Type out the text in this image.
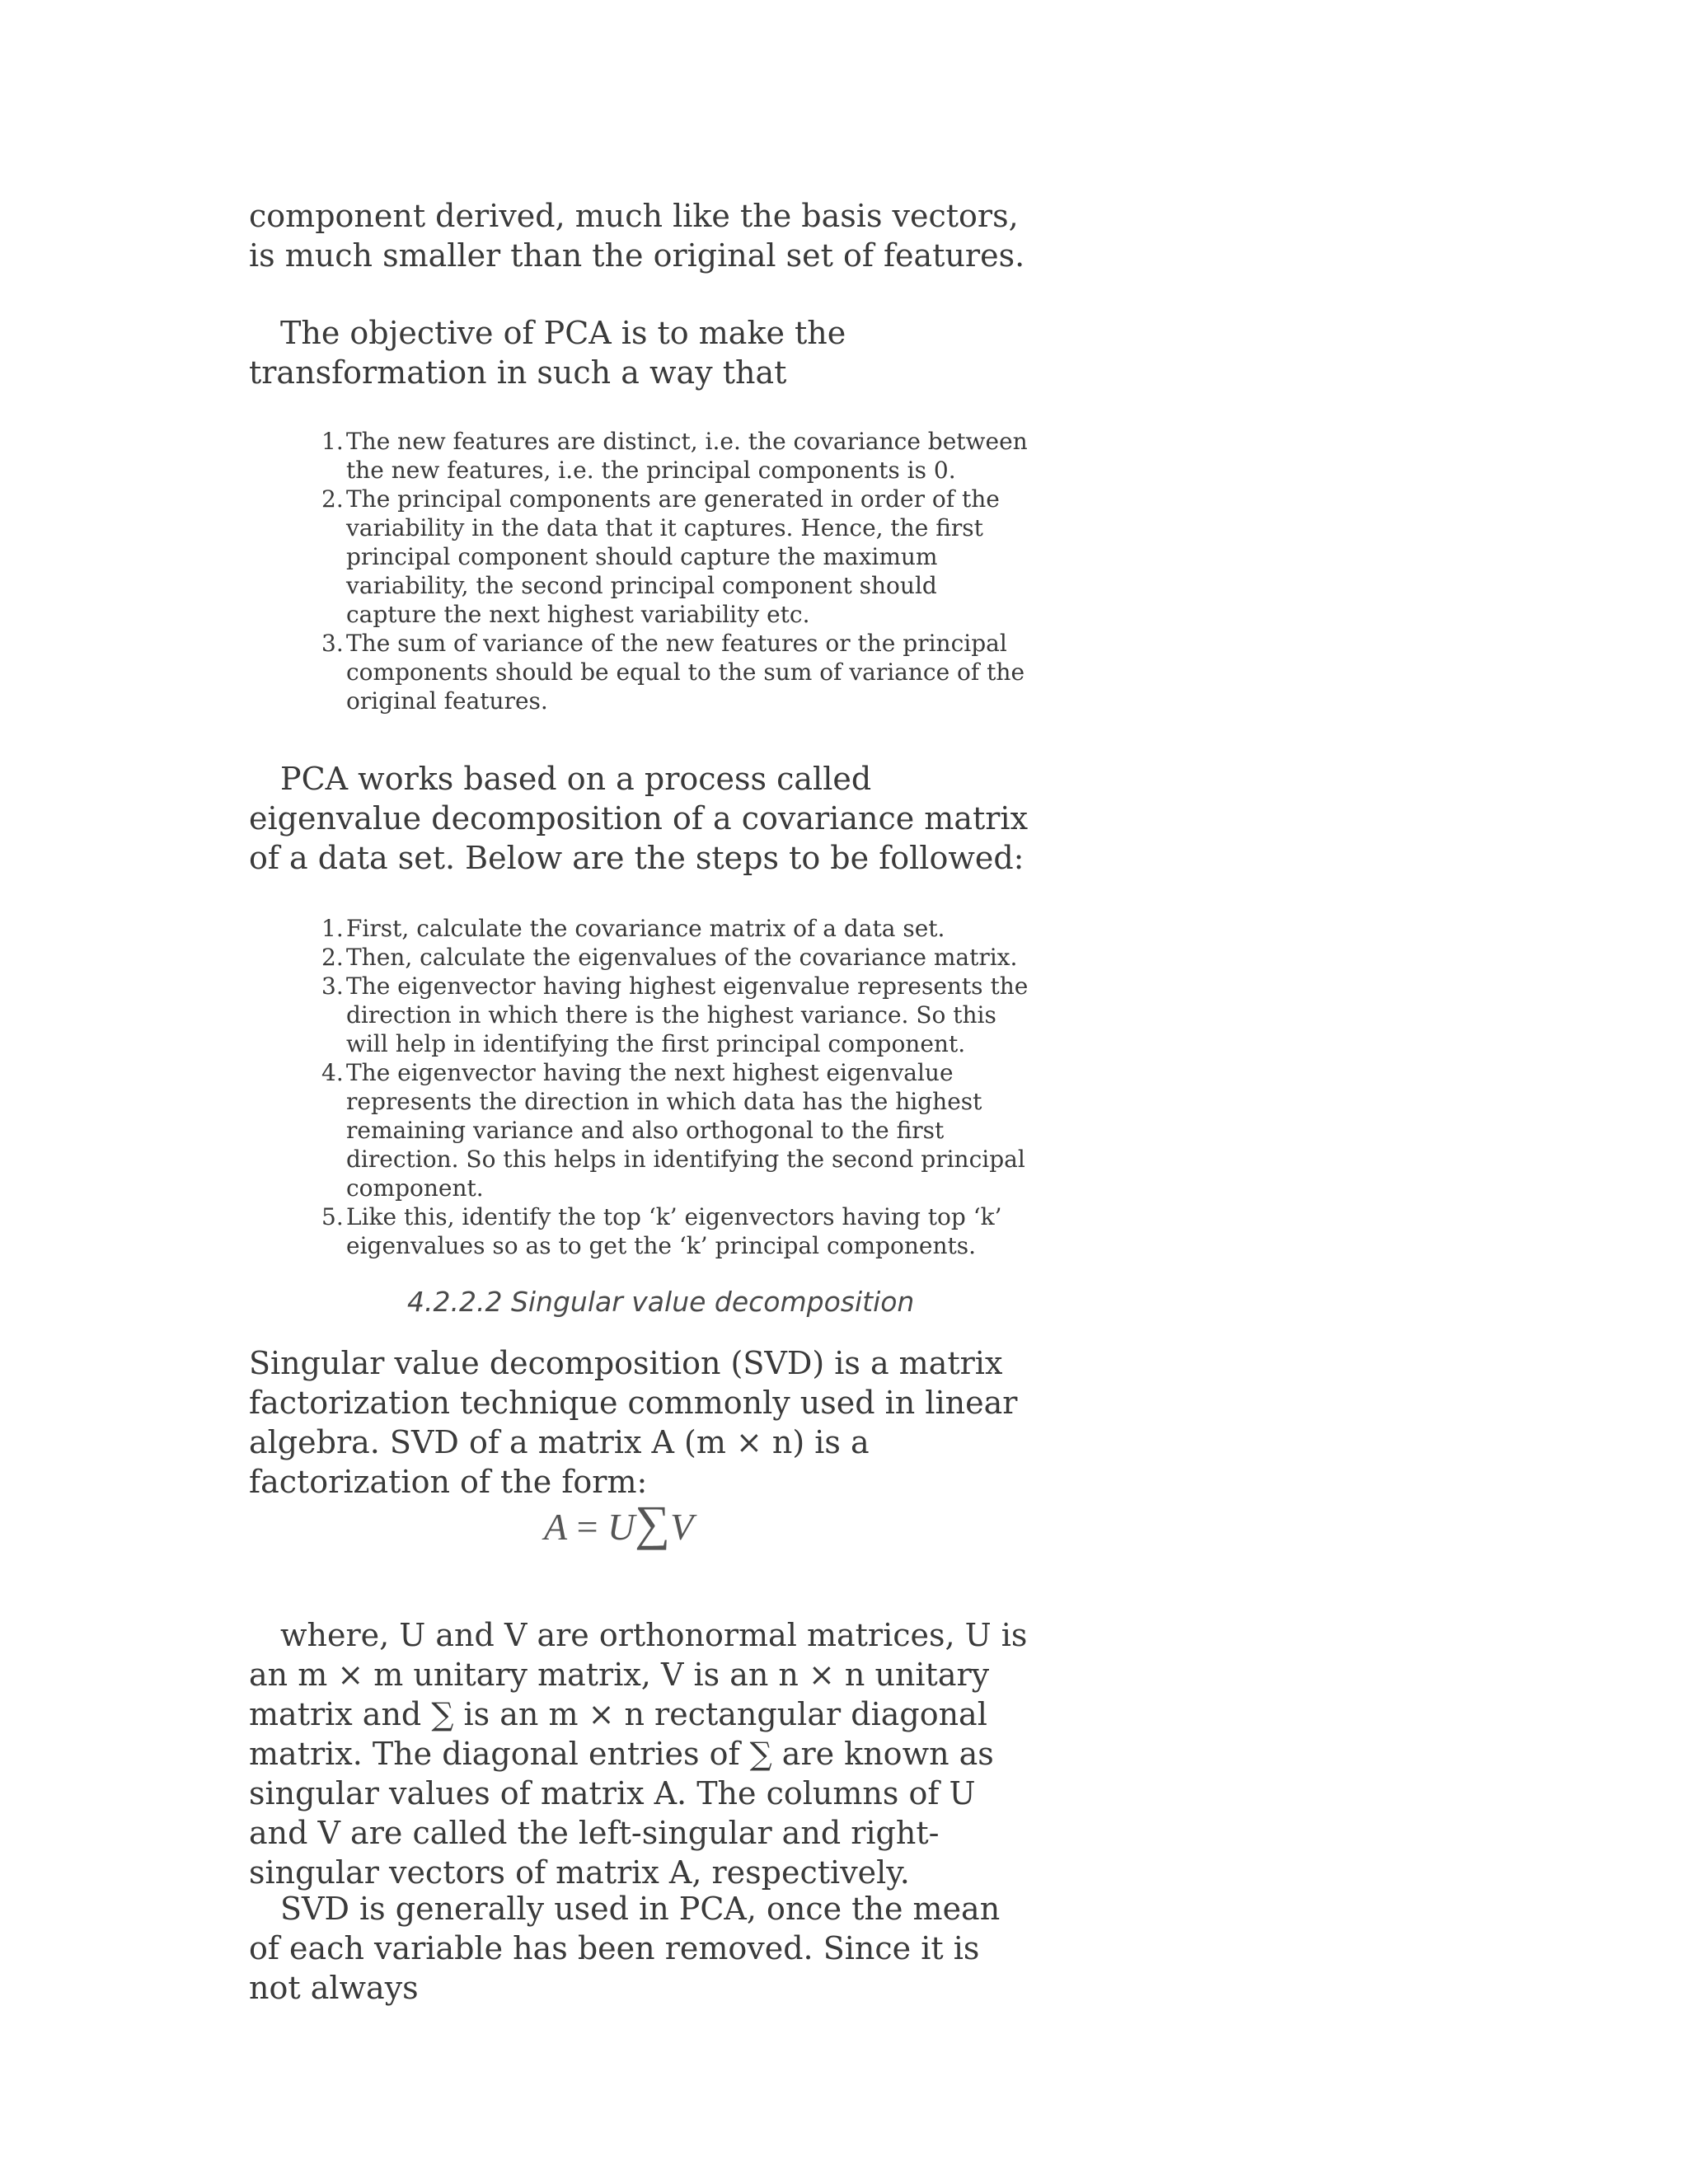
component derived, much like the basis vectors, is much smaller than the original set of features.

The objective of PCA is to make the transformation in such a way that

1. The new features are distinct, i.e. the covariance between the new features, i.e. the principal components is 0.
2. The principal components are generated in order of the variability in the data that it captures. Hence, the first principal component should capture the maximum variability, the second principal component should capture the next highest variability etc.
3. The sum of variance of the new features or the principal components should be equal to the sum of variance of the original features.

PCA works based on a process called eigenvalue decomposition of a covariance matrix of a data set. Below are the steps to be followed:

1. First, calculate the covariance matrix of a data set.
2. Then, calculate the eigenvalues of the covariance matrix.
3. The eigenvector having highest eigenvalue represents the direction in which there is the highest variance. So this will help in identifying the first principal component.
4. The eigenvector having the next highest eigenvalue represents the direction in which data has the highest remaining variance and also orthogonal to the first direction. So this helps in identifying the second principal component.
5. Like this, identify the top ‘k’ eigenvectors having top ‘k’ eigenvalues so as to get the ‘k’ principal components.
4.2.2.2 Singular value decomposition

Singular value decomposition (SVD) is a matrix factorization technique commonly used in linear algebra. SVD of a matrix A (m × n) is a factorization of the form:

A = U∑V

where, U and V are orthonormal matrices, U is an m × m unitary matrix, V is an n × n unitary matrix and ∑ is an m × n rectangular diagonal matrix. The diagonal entries of ∑ are known as singular values of matrix A. The columns of U and V are called the left-singular and right-singular vectors of matrix A, respectively.

SVD is generally used in PCA, once the mean of each variable has been removed. Since it is not always
